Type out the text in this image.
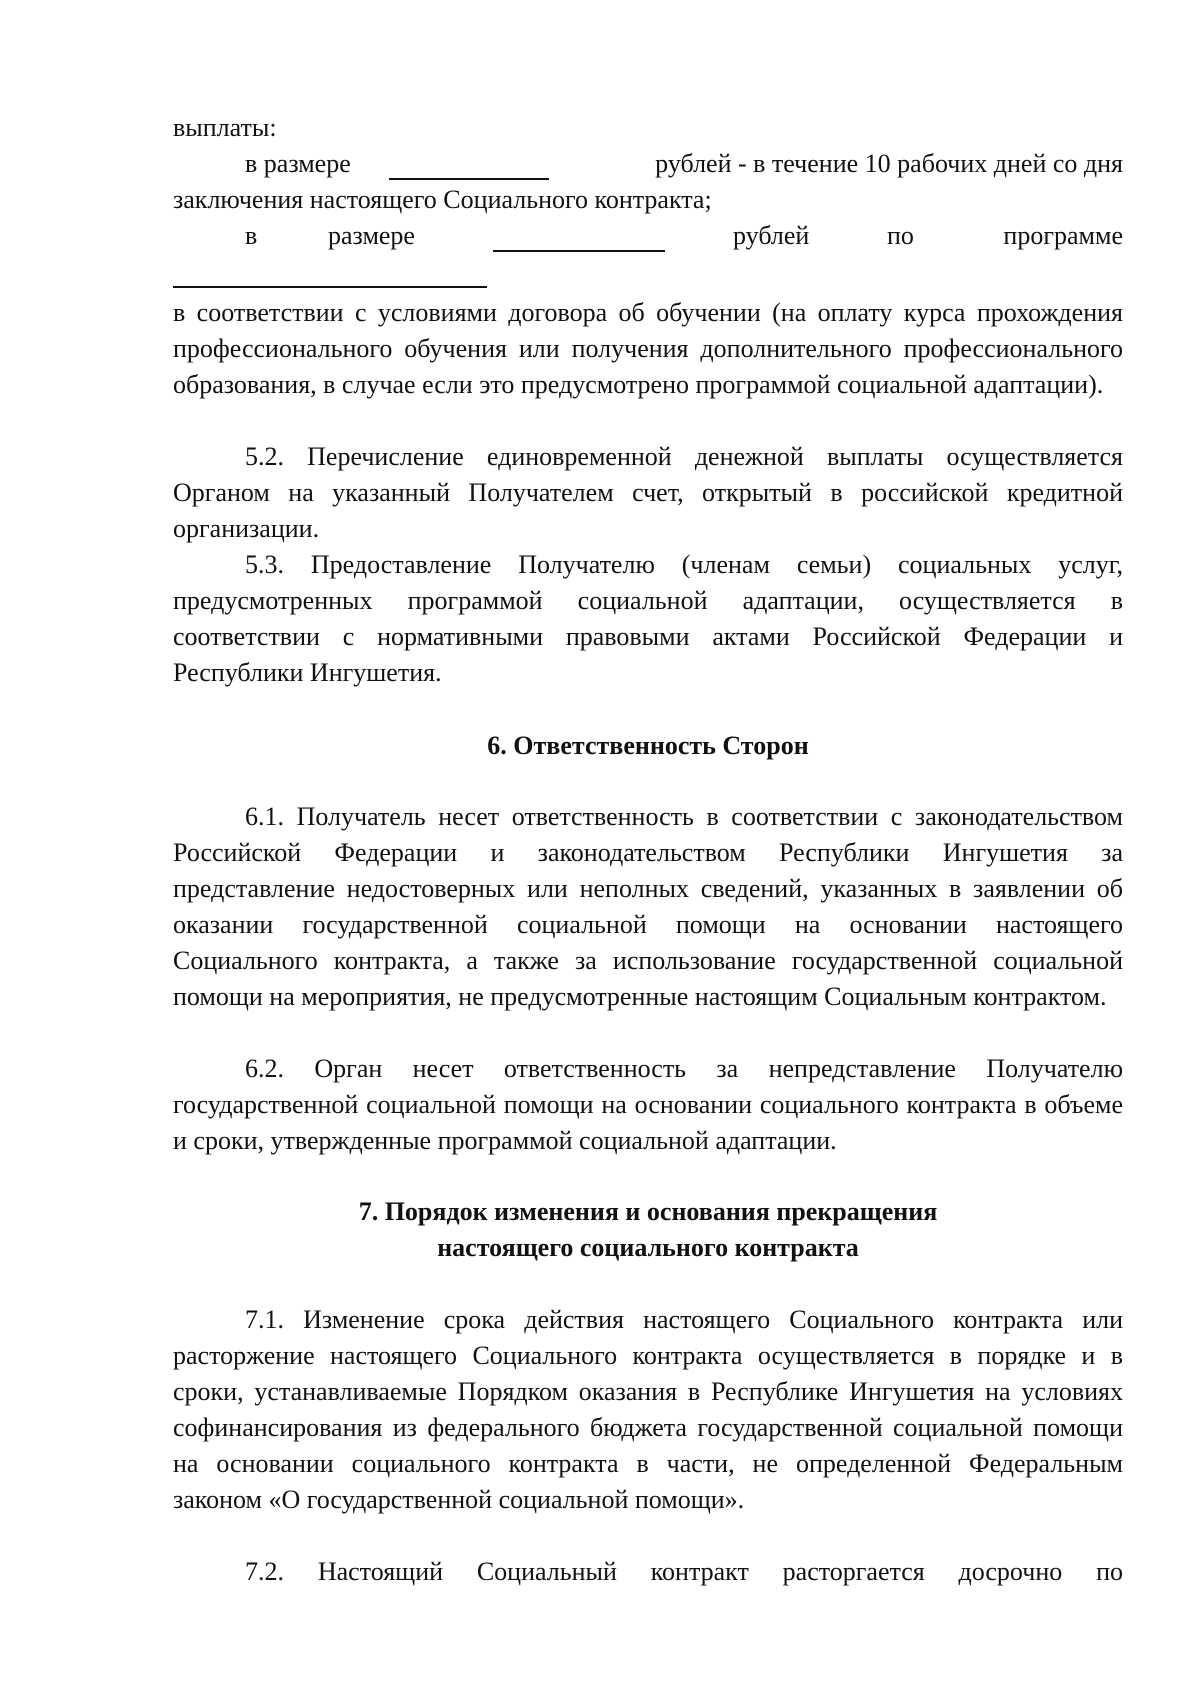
выплаты:

в размере	рублей - в течение 10 рабочих дней со дня

заключения настоящего Социального контракта;

в	размере	рублей	по	программе

в соответствии с условиями договора об обучении (на оплату курса прохождения профессионального обучения или получения дополнительного профессионального образования, в случае если это предусмотрено программой социальной адаптации).

5.2. Перечисление единовременной денежной выплаты осуществляется Органом на указанный Получателем счет, открытый в российской кредитной организации.

5.3. Предоставление Получателю (членам семьи) социальных услуг, предусмотренных программой социальной адаптации, осуществляется в соответствии с нормативными правовыми актами Российской Федерации и Республики Ингушетия.

6. Ответственность Сторон

6.1. Получатель несет ответственность в соответствии с законодательством Российской Федерации и законодательством Республики Ингушетия за представление недостоверных или неполных сведений, указанных в заявлении об оказании государственной социальной помощи на основании настоящего Социального контракта, а также за использование государственной социальной помощи на мероприятия, не предусмотренные настоящим Социальным контрактом.

6.2. Орган несет ответственность за непредставление Получателю государственной социальной помощи на основании социального контракта в объеме и сроки, утвержденные программой социальной адаптации.

7. Порядок изменения и основания прекращения

настоящего социального контракта

7.1. Изменение срока действия настоящего Социального контракта или расторжение настоящего Социального контракта осуществляется в порядке и в сроки, устанавливаемые Порядком оказания в Республике Ингушетия на условиях софинансирования из федерального бюджета государственной социальной помощи на основании социального контракта в части, не определенной Федеральным законом «О государственной социальной помощи».

7.2. Настоящий Социальный контракт расторгается досрочно по
